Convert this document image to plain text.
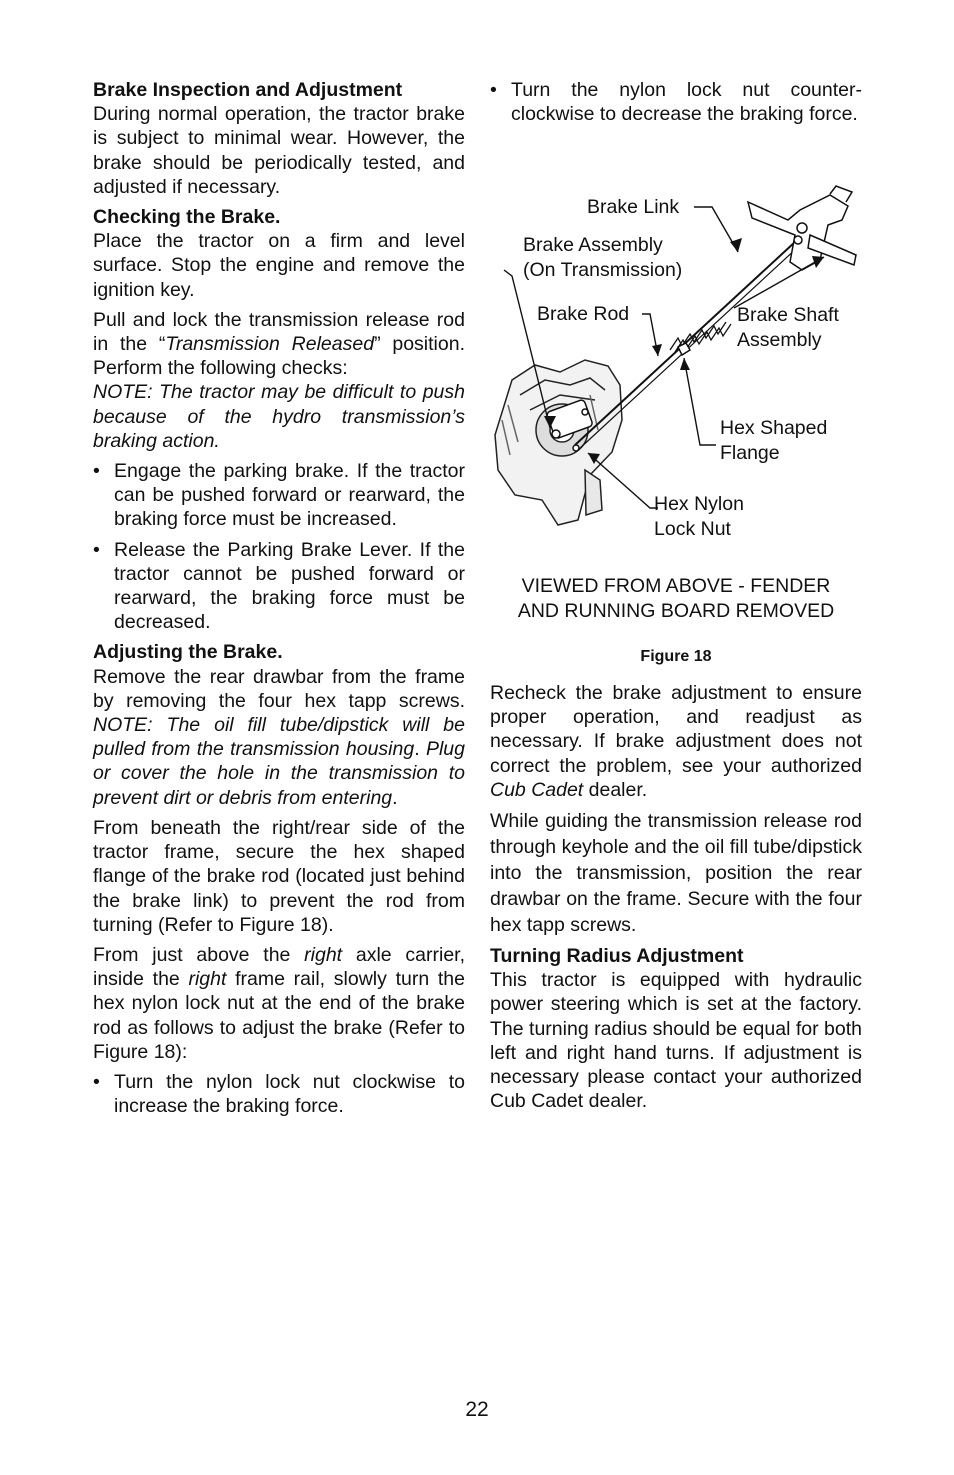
Brake Inspection and Adjustment

During normal operation, the tractor brake is subject to minimal wear. However, the brake should be periodically tested, and adjusted if necessary.

Checking the Brake.

Place the tractor on a firm and level surface. Stop the engine and remove the ignition key.

Pull and lock the transmission release rod in the “Transmission Released” position. Perform the following checks:
NOTE: The tractor may be difficult to push because of the hydro transmission’s braking action.

• Engage the parking brake. If the tractor can be pushed forward or rearward, the braking force must be increased.
• Release the Parking Brake Lever. If the tractor cannot be pushed forward or rearward, the braking force must be decreased.
Adjusting the Brake.

Remove the rear drawbar from the frame by removing the four hex tapp screws. NOTE: The oil fill tube/dipstick will be pulled from the transmission housing. Plug or cover the hole in the transmission to prevent dirt or debris from entering.

From beneath the right/rear side of the tractor frame, secure the hex shaped flange of the brake rod (located just behind the brake link) to prevent the rod from turning (Refer to Figure 18).

From just above the right axle carrier, inside the right frame rail, slowly turn the hex nylon lock nut at the end of the brake rod as follows to adjust the brake (Refer to Figure 18):

• Turn the nylon lock nut clockwise to increase the braking force.
• Turn the nylon lock nut counter-clockwise to decrease the braking force.
Brake Link
Brake Assembly
(On Transmission)
Brake Rod	Brake Shaft
Assembly
Hex Shaped
Flange
Hex Nylon
Lock Nut
VIEWED FROM ABOVE - FENDER
AND RUNNING BOARD REMOVED
Figure 18

Recheck the brake adjustment to ensure proper operation, and readjust as necessary. If brake adjustment does not correct the problem, see your authorized Cub Cadet dealer.

While guiding the transmission release rod through keyhole and the oil fill tube/dipstick into the transmission, position the rear drawbar on the frame. Secure with the four hex tapp screws.

Turning Radius Adjustment

This tractor is equipped with hydraulic power steering which is set at the factory. The turning radius should be equal for both left and right hand turns. If adjustment is necessary please contact your authorized Cub Cadet dealer.

22
